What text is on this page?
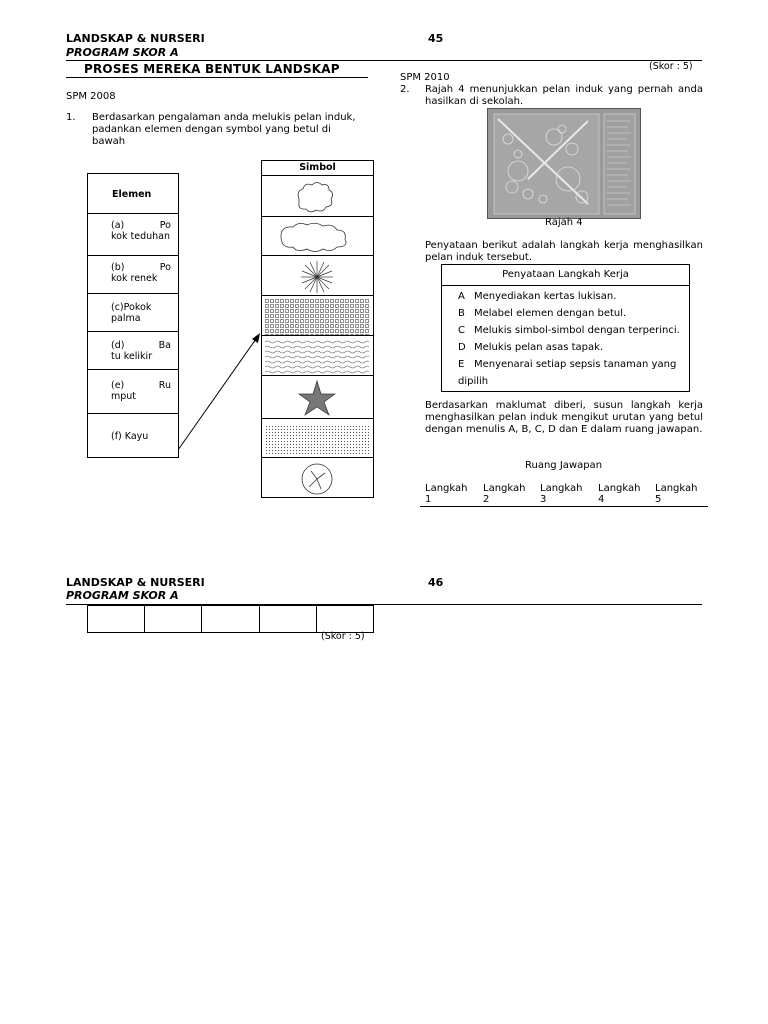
LANDSKAP & NURSERI
PROGRAM SKOR A
45
PROSES MEREKA BENTUK LANDSKAP	(Skor : 5)
SPM 2008
1. Berdasarkan pengalaman anda melukis pelan induk, padankan elemen dengan symbol yang betul di bawah
Elemen
(a)	Po
kok teduhan
(b)	Po
kok renek
(c)Pokok
palma
(d)	Ba
tu kelikir
(e)	Ru
mput
(f) Kayu
Simbol
SPM 2010
2. Rajah 4 menunjukkan pelan induk yang pernah anda hasilkan di sekolah.
Rajah 4
Penyataan berikut adalah langkah kerja menghasilkan pelan induk tersebut.
Penyataan Langkah Kerja
A Menyediakan kertas lukisan.
B Melabel elemen dengan betul.
C Melukis simbol-simbol dengan terperinci.
D Melukis pelan asas tapak.
E Menyenarai setiap sepsis tanaman yang
dipilih
Berdasarkan maklumat diberi, susun langkah kerja menghasilkan pelan induk mengikut urutan yang betul dengan menulis A, B, C, D dan E dalam ruang jawapan.
Ruang Jawapan
Langkah
1
Langkah
2
Langkah
3
Langkah
4
Langkah
5
LANDSKAP & NURSERI
PROGRAM SKOR A
46
(Skor : 5)
